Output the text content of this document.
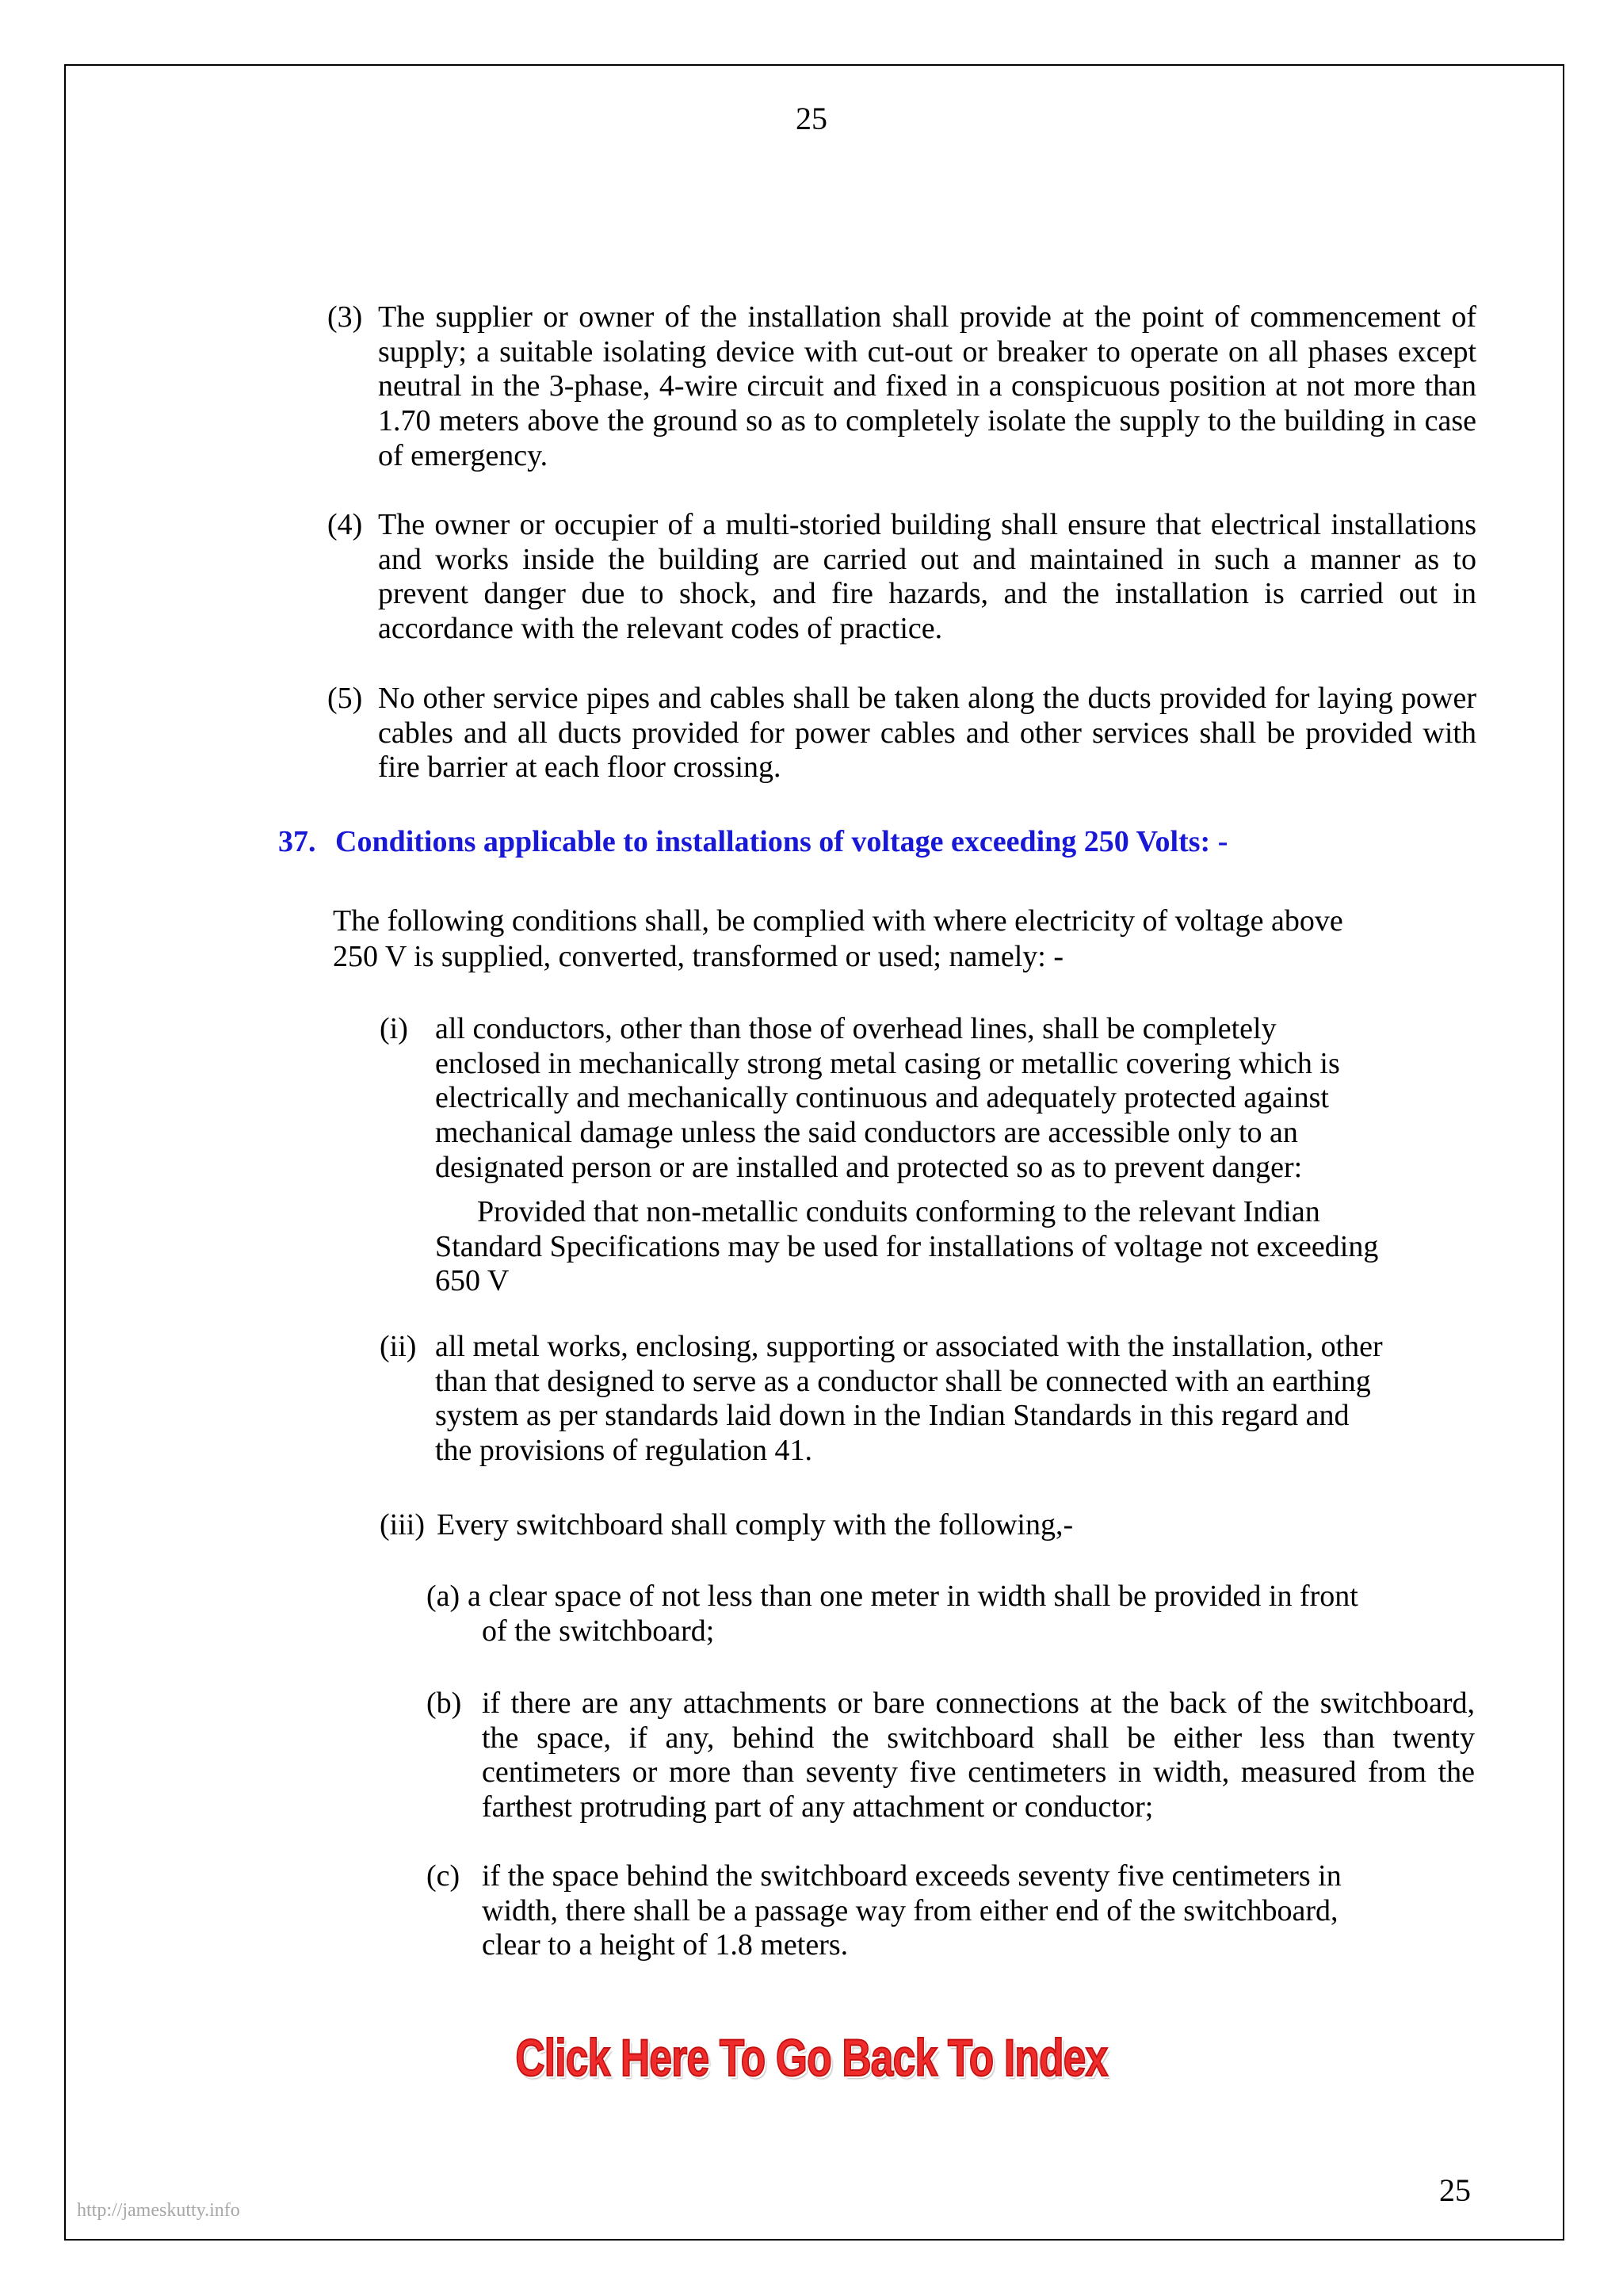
25
(3) The supplier or owner of the installation shall provide at the point of commencement of supply; a suitable isolating device with cut-out or breaker to operate on all phases except neutral in the 3-phase, 4-wire circuit and fixed in a conspicuous position at not more than 1.70 meters above the ground so as to completely isolate the supply to the building in case of emergency.
(4) The owner or occupier of a multi-storied building shall ensure that electrical installations and works inside the building are carried out and maintained in such a manner as to prevent danger due to shock, and fire hazards, and the installation is carried out in accordance with the relevant codes of practice.
(5) No other service pipes and cables shall be taken along the ducts provided for laying power cables and all ducts provided for power cables and other services shall be provided with fire barrier at each floor crossing.
37. Conditions applicable to installations of voltage exceeding 250 Volts: -
The following conditions shall, be complied with where electricity of voltage above
250 V is supplied, converted, transformed or used; namely: -
(i) all conductors, other than those of overhead lines, shall be completely
enclosed in mechanically strong metal casing or metallic covering which is
electrically and mechanically continuous and adequately protected against
mechanical damage unless the said conductors are accessible only to an
designated person or are installed and protected so as to prevent danger:
Provided that non-metallic conduits conforming to the relevant Indian
Standard Specifications may be used for installations of voltage not exceeding
650 V
(ii) all metal works, enclosing, supporting or associated with the installation, other
than that designed to serve as a conductor shall be connected with an earthing
system as per standards laid down in the Indian Standards in this regard and
the provisions of regulation 41.
(iii) Every switchboard shall comply with the following,-
(a) a clear space of not less than one meter in width shall be provided in front
of the switchboard;
(b) if there are any attachments or bare connections at the back of the switchboard, the space, if any, behind the switchboard shall be either less than twenty centimeters or more than seventy five centimeters in width, measured from the farthest protruding part of any attachment or conductor;
(c) if the space behind the switchboard exceeds seventy five centimeters in
width, there shall be a passage way from either end of the switchboard,
clear to a height of 1.8 meters.
Click Here To Go Back To Index
25
http://jameskutty.info
